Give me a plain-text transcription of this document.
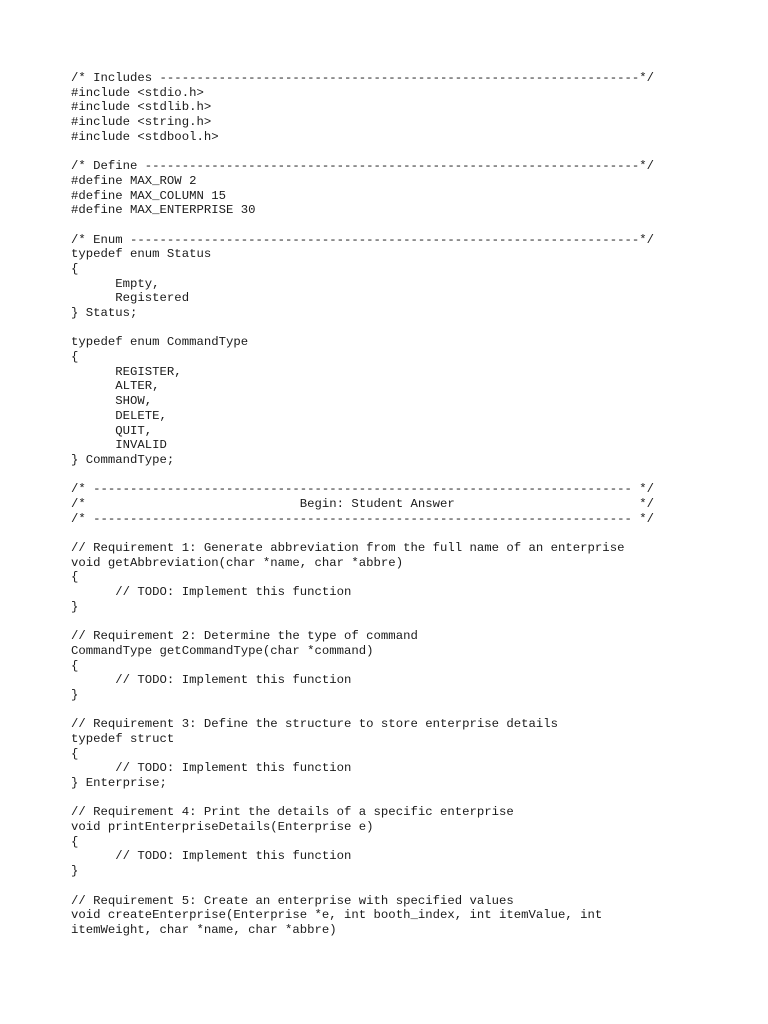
/* Includes -----------------------------------------------------------------*/
#include <stdio.h>
#include <stdlib.h>
#include <string.h>
#include <stdbool.h>
/* Define -------------------------------------------------------------------*/
#define MAX_ROW 2
#define MAX_COLUMN 15
#define MAX_ENTERPRISE 30
/* Enum ---------------------------------------------------------------------*/
typedef enum Status
{
Empty,
Registered
} Status;
typedef enum CommandType
{
REGISTER,
ALTER,
SHOW,
DELETE,
QUIT,
INVALID
} CommandType;
/* ------------------------------------------------------------------------- */
/*                             Begin: Student Answer                         */
/* ------------------------------------------------------------------------- */
// Requirement 1: Generate abbreviation from the full name of an enterprise
void getAbbreviation(char *name, char *abbre)
{
// TODO: Implement this function
}
// Requirement 2: Determine the type of command
CommandType getCommandType(char *command)
{
// TODO: Implement this function
}
// Requirement 3: Define the structure to store enterprise details
typedef struct
{
// TODO: Implement this function
} Enterprise;
// Requirement 4: Print the details of a specific enterprise
void printEnterpriseDetails(Enterprise e)
{
// TODO: Implement this function
}
// Requirement 5: Create an enterprise with specified values
void createEnterprise(Enterprise *e, int booth_index, int itemValue, int
itemWeight, char *name, char *abbre)
